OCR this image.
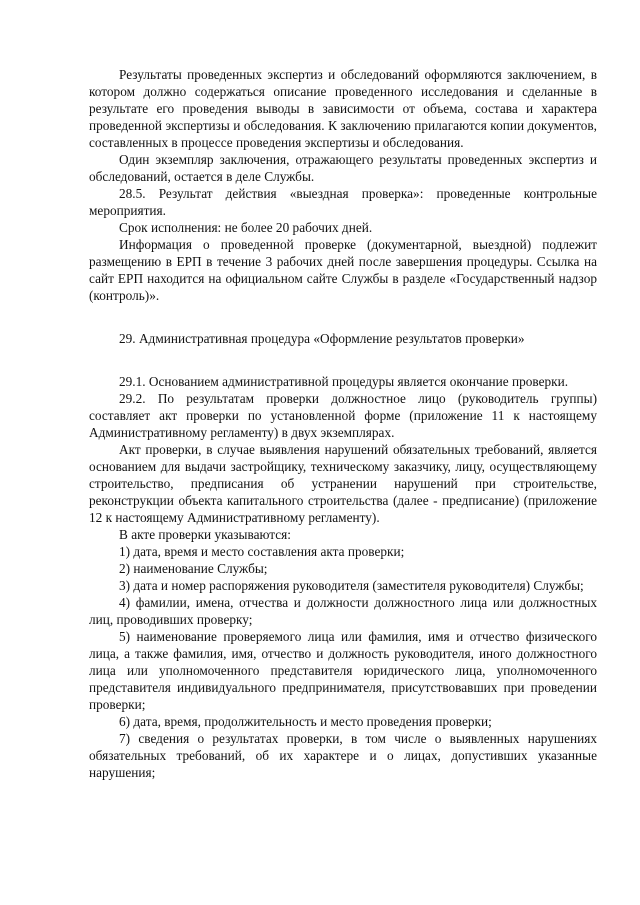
Результаты проведенных экспертиз и обследований оформляются заключением, в котором должно содержаться описание проведенного исследования и сделанные в результате его проведения выводы в зависимости от объема, состава и характера проведенной экспертизы и обследования. К заключению прилагаются копии документов, составленных в процессе проведения экспертизы и обследования.

Один экземпляр заключения, отражающего результаты проведенных экспертиз и обследований, остается в деле Службы.

28.5. Результат действия «выездная проверка»: проведенные контрольные мероприятия.

Срок исполнения: не более 20 рабочих дней.

Информация о проведенной проверке (документарной, выездной) подлежит размещению в ЕРП в течение 3 рабочих дней после завершения процедуры. Ссылка на сайт ЕРП находится на официальном сайте Службы в разделе «Государственный надзор (контроль)».

29. Административная процедура «Оформление результатов проверки»

29.1. Основанием административной процедуры является окончание проверки.

29.2. По результатам проверки должностное лицо (руководитель группы) составляет акт проверки по установленной форме (приложение 11 к настоящему Административному регламенту) в двух экземплярах.

Акт проверки, в случае выявления нарушений обязательных требований, является основанием для выдачи застройщику, техническому заказчику, лицу, осуществляющему строительство, предписания об устранении нарушений при строительстве, реконструкции объекта капитального строительства (далее - предписание) (приложение 12 к настоящему Административному регламенту).

В акте проверки указываются:

1) дата, время и место составления акта проверки;

2) наименование Службы;

3) дата и номер распоряжения руководителя (заместителя руководителя) Службы;

4) фамилии, имена, отчества и должности должностного лица или должностных лиц, проводивших проверку;

5) наименование проверяемого лица или фамилия, имя и отчество физического лица, а также фамилия, имя, отчество и должность руководителя, иного должностного лица или уполномоченного представителя юридического лица, уполномоченного представителя индивидуального предпринимателя, присутствовавших при проведении проверки;

6) дата, время, продолжительность и место проведения проверки;

7) сведения о результатах проверки, в том числе о выявленных нарушениях обязательных требований, об их характере и о лицах, допустивших указанные нарушения;
